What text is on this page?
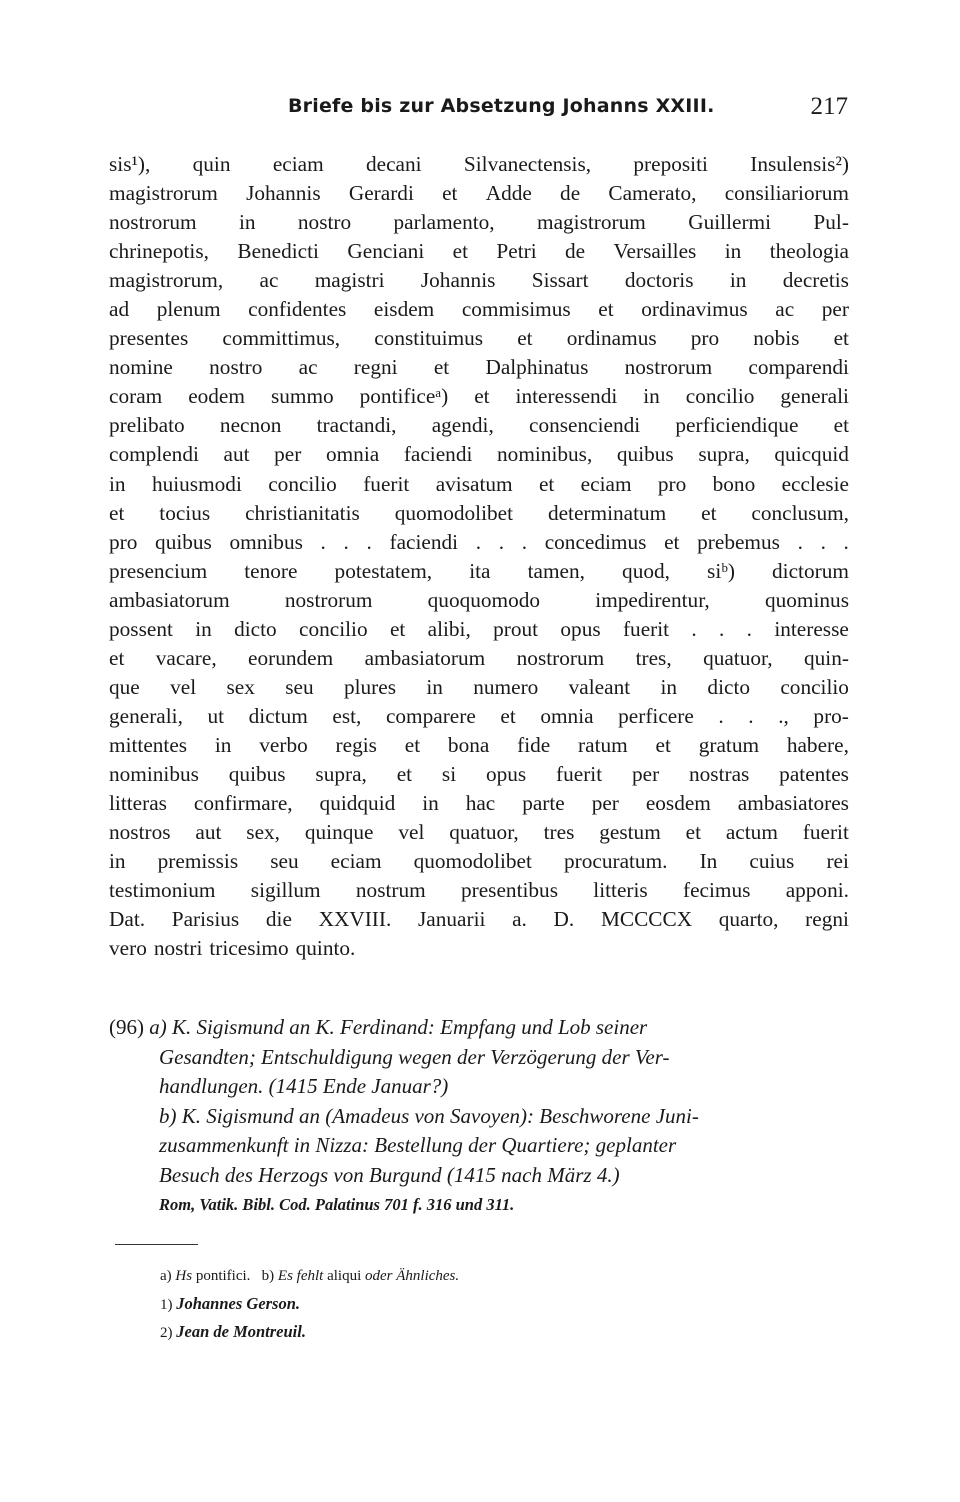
Briefe bis zur Absetzung Johanns XXIII.	217
sis¹), quin eciam decani Silvanectensis, prepositi Insulensis²)
magistrorum Johannis Gerardi et Adde de Camerato, consiliariorum
nostrorum in nostro parlamento, magistrorum Guillermi Pul-
chrinepotis, Benedicti Genciani et Petri de Versailles in theologia
magistrorum, ac magistri Johannis Sissart doctoris in decretis
ad plenum confidentes eisdem commisimus et ordinavimus ac per
presentes committimus, constituimus et ordinamus pro nobis et
nomine nostro ac regni et Dalphinatus nostrorum comparendi
coram eodem summo pontificeᵃ) et interessendi in concilio generali
prelibato necnon tractandi, agendi, consenciendi perficiendique et
complendi aut per omnia faciendi nominibus, quibus supra, quicquid
in huiusmodi concilio fuerit avisatum et eciam pro bono ecclesie
et tocius christianitatis quomodolibet determinatum et conclusum,
pro quibus omnibus . . . faciendi . . . concedimus et prebemus . . .
presencium tenore potestatem, ita tamen, quod, siᵇ) dictorum
ambasiatorum	nostrorum	quoquomodo	impedirentur,	quominus
possent in dicto concilio et alibi, prout opus fuerit . . . interesse
et vacare, eorundem ambasiatorum nostrorum tres, quatuor, quin-
que vel sex seu plures in numero valeant in dicto concilio
generali, ut dictum est, comparere et omnia perficere . . ., pro-
mittentes in verbo regis et bona fide ratum et gratum habere,
nominibus quibus supra, et si opus fuerit per nostras patentes
litteras confirmare, quidquid in hac parte per eosdem ambasiatores
nostros aut sex, quinque vel quatuor, tres gestum et actum fuerit
in premissis seu eciam quomodolibet procuratum. In cuius rei
testimonium sigillum nostrum presentibus litteris fecimus apponi.
Dat. Parisius die XXVIII. Januarii a. D. MCCCCX quarto, regni
vero nostri tricesimo quinto.
(96) a) K. Sigismund an K. Ferdinand: Empfang und Lob seiner
Gesandten; Entschuldigung wegen der Verzögerung der Ver-
handlungen. (1415 Ende Januar?)
b) K. Sigismund an (Amadeus von Savoyen): Beschworene Juni-
zusammenkunft in Nizza: Bestellung der Quartiere; geplanter
Besuch des Herzogs von Burgund (1415 nach März 4.)
Rom, Vatik. Bibl. Cod. Palatinus 701 f. 316 und 311.
a) Hs pontifici. b) Es fehlt aliqui oder Ähnliches.
1) Johannes Gerson.
2) Jean de Montreuil.
